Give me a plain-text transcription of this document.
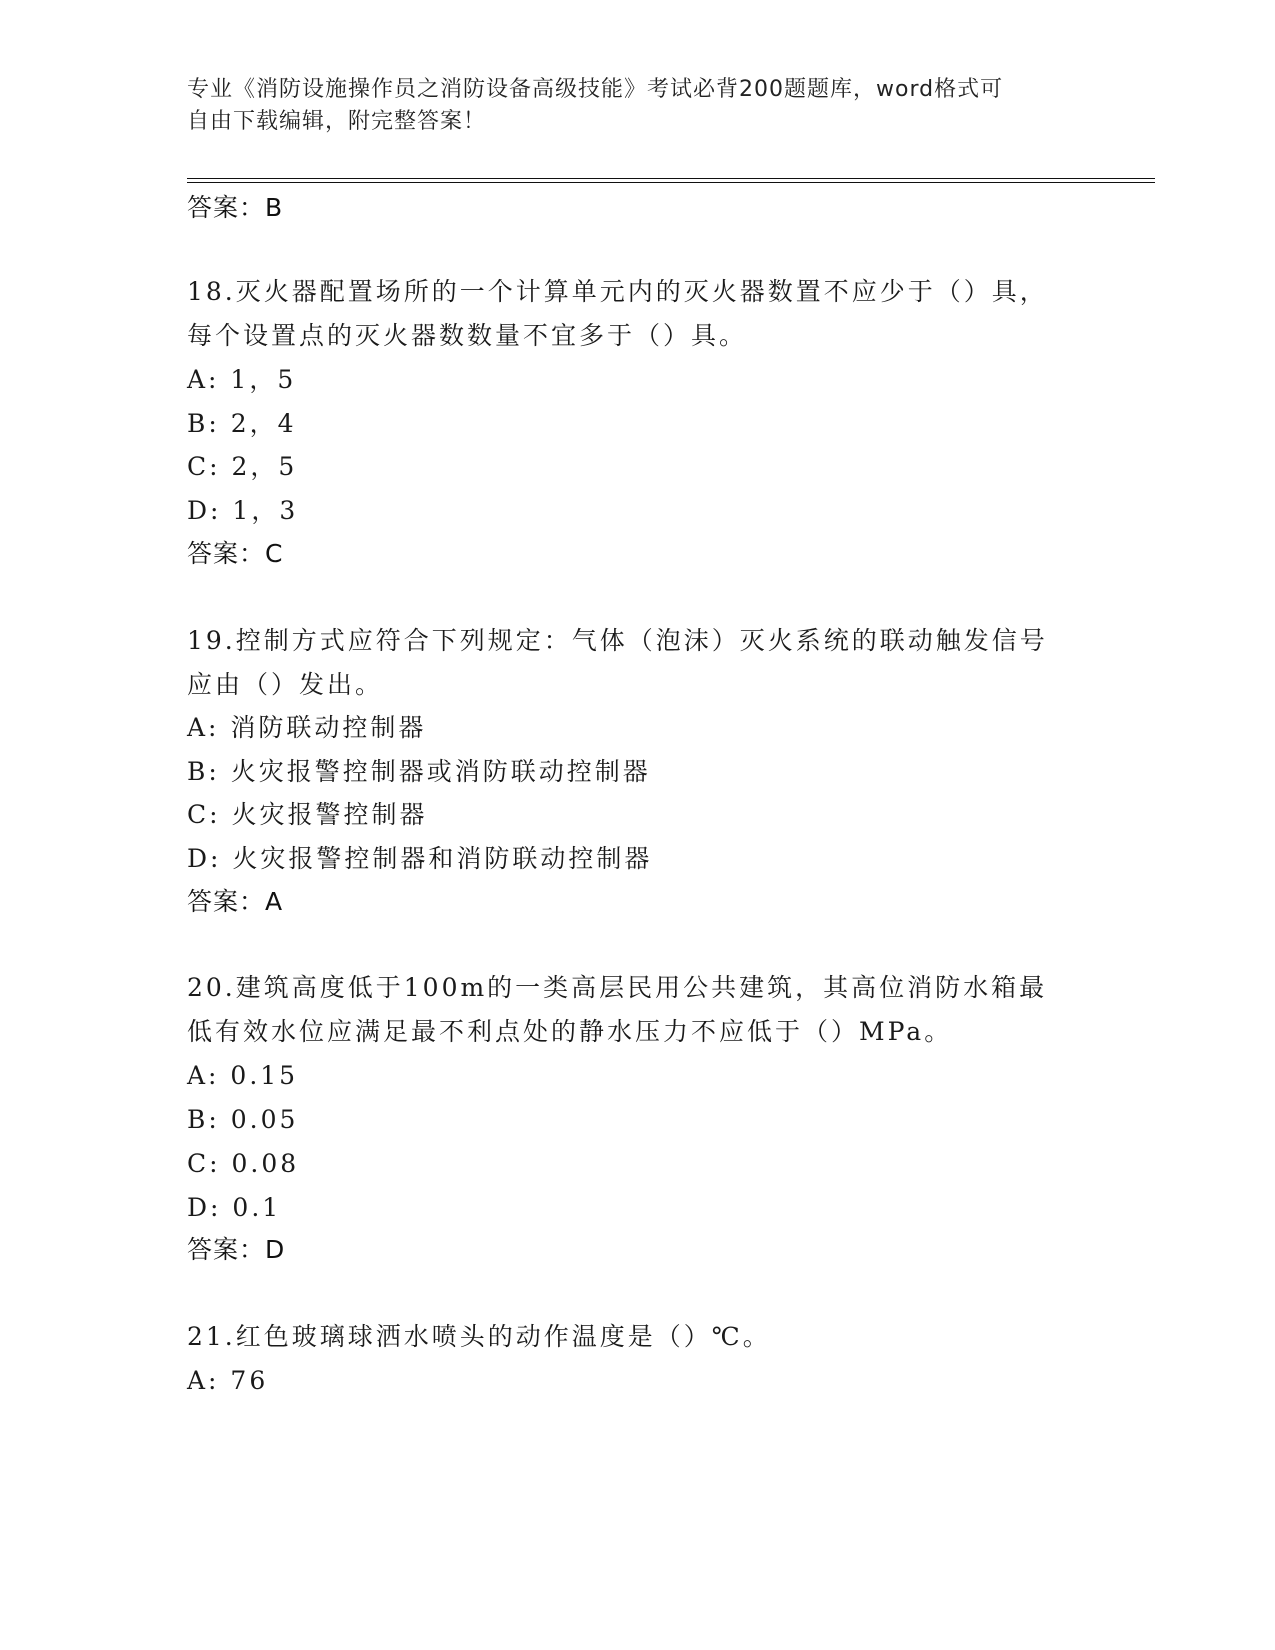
专业《消防设施操作员之消防设备高级技能》考试必背200题题库，word格式可
自由下载编辑，附完整答案！
答案：B
18.灭火器配置场所的一个计算单元内的灭火器数置不应少于（）具，
每个设置点的灭火器数数量不宜多于（）具。
A: 1，5
B: 2，4
C: 2，5
D: 1，3
答案：C
19.控制方式应符合下列规定：气体（泡沫）灭火系统的联动触发信号
应由（）发出。
A: 消防联动控制器
B: 火灾报警控制器或消防联动控制器
C: 火灾报警控制器
D: 火灾报警控制器和消防联动控制器
答案：A
20.建筑高度低于100m的一类高层民用公共建筑，其高位消防水箱最
低有效水位应满足最不利点处的静水压力不应低于（）MPa。
A: 0.15
B: 0.05
C: 0.08
D: 0.1
答案：D
21.红色玻璃球洒水喷头的动作温度是（）℃。
A: 76
